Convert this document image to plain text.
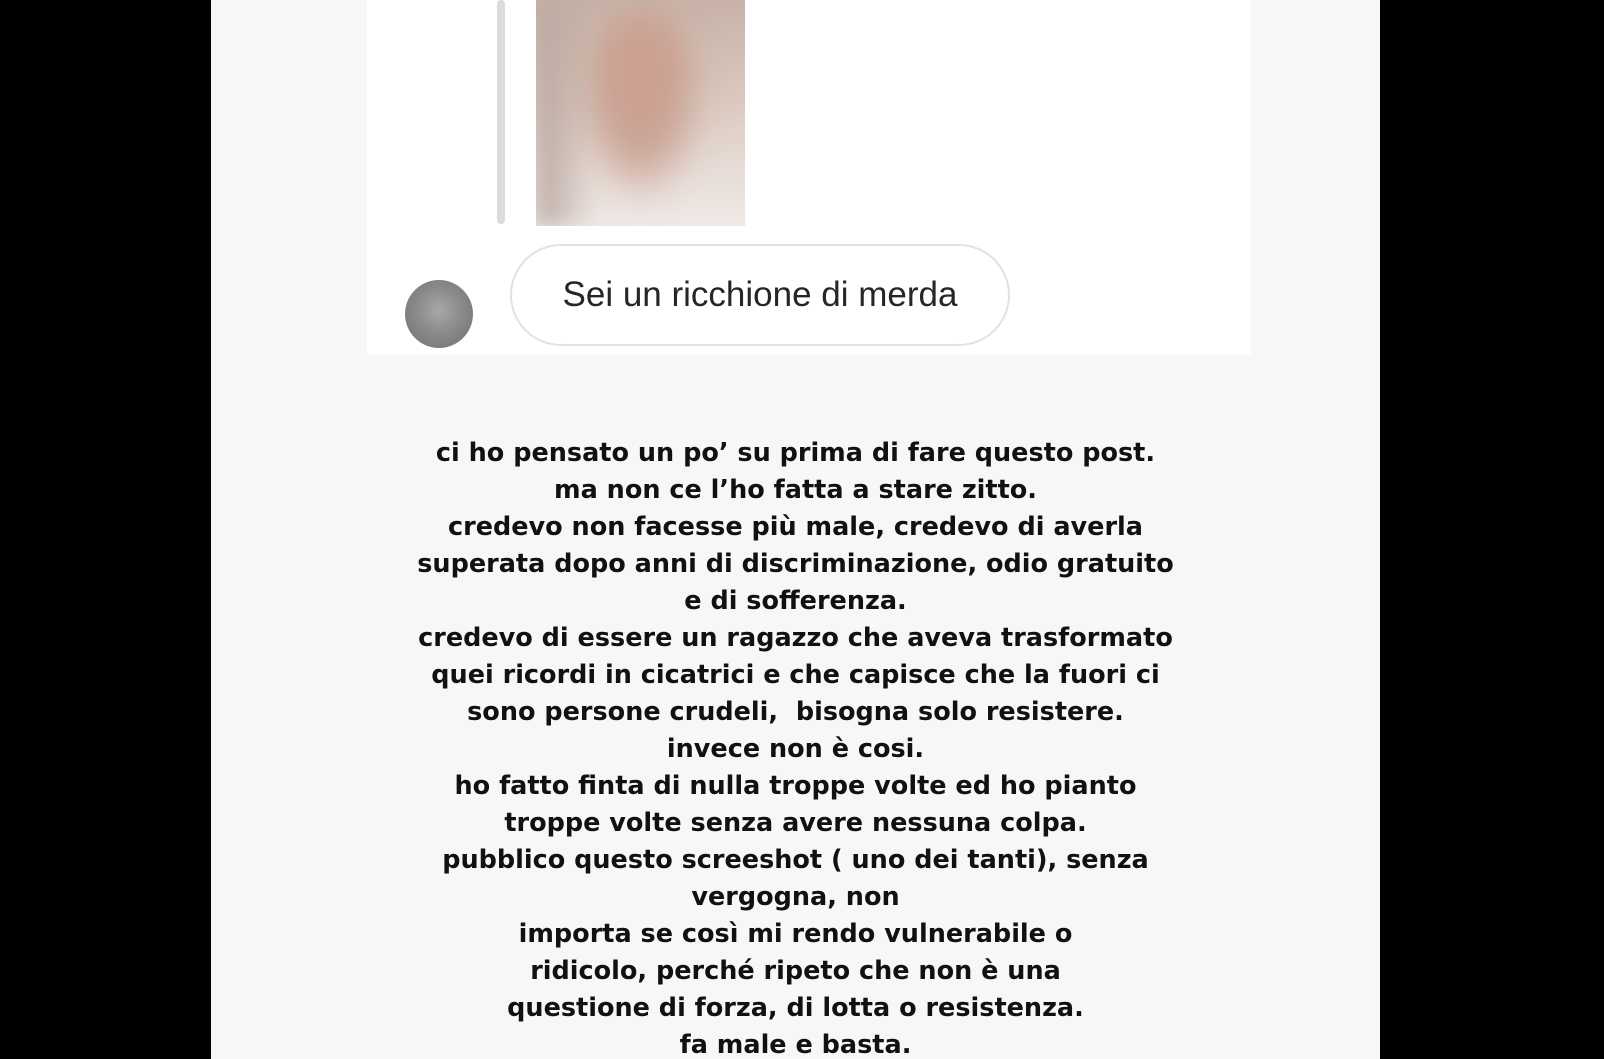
Sei un ricchione di merda
ci ho pensato un po’ su prima di fare questo post.
ma non ce l’ho fatta a stare zitto.
credevo non facesse più male, credevo di averla
superata dopo anni di discriminazione, odio gratuito
e di sofferenza.
credevo di essere un ragazzo che aveva trasformato
quei ricordi in cicatrici e che capisce che la fuori ci
sono persone crudeli,  bisogna solo resistere.
invece non è cosi.
ho fatto finta di nulla troppe volte ed ho pianto
troppe volte senza avere nessuna colpa.
pubblico questo screeshot ( uno dei tanti), senza
vergogna, non
importa se così mi rendo vulnerabile o
ridicolo, perché ripeto che non è una
questione di forza, di lotta o resistenza.
fa male e basta.
